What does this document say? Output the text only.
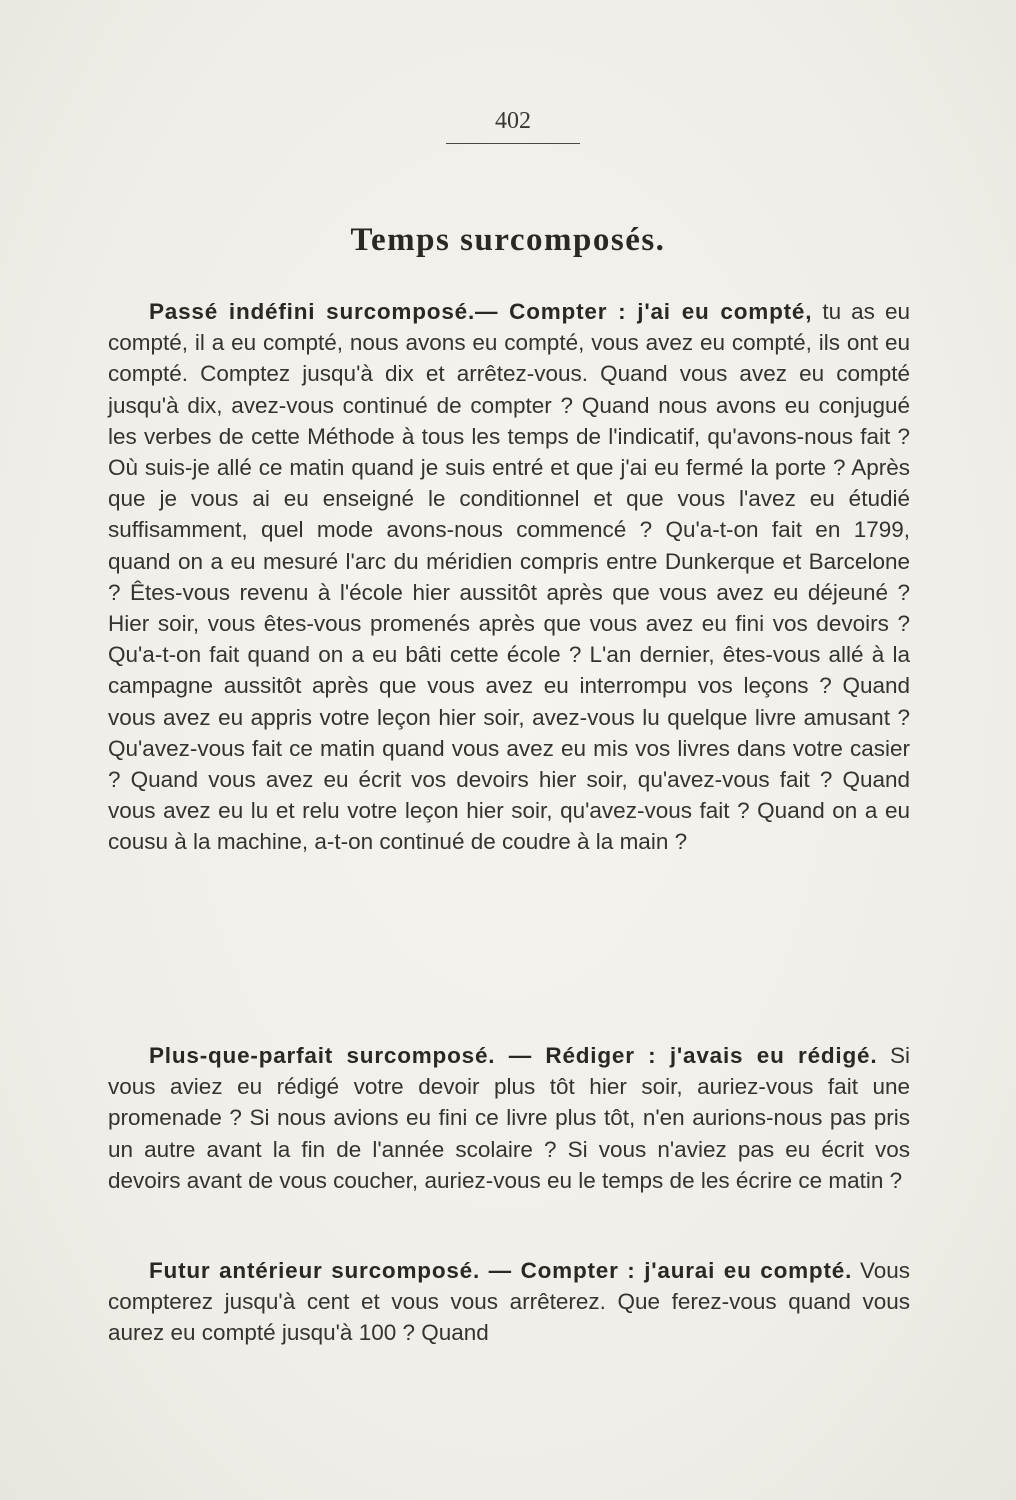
402
Temps surcomposés.

Passé indéfini surcomposé.— Compter : j'ai eu compté, tu as eu compté, il a eu compté, nous avons eu compté, vous avez eu compté, ils ont eu compté. Comptez jusqu'à dix et arrêtez-vous. Quand vous avez eu compté jusqu'à dix, avez-vous continué de compter ? Quand nous avons eu conjugué les verbes de cette Méthode à tous les temps de l'indicatif, qu'avons-nous fait ? Où suis-je allé ce matin quand je suis entré et que j'ai eu fermé la porte ? Après que je vous ai eu enseigné le conditionnel et que vous l'avez eu étudié suffisamment, quel mode avons-nous commencé ? Qu'a-t-on fait en 1799, quand on a eu mesuré l'arc du méridien compris entre Dunkerque et Barcelone ? Êtes-vous revenu à l'école hier aussitôt après que vous avez eu déjeuné ? Hier soir, vous êtes-vous promenés après que vous avez eu fini vos devoirs ? Qu'a-t-on fait quand on a eu bâti cette école ? L'an dernier, êtes-vous allé à la campagne aussitôt après que vous avez eu interrompu vos leçons ? Quand vous avez eu appris votre leçon hier soir, avez-vous lu quelque livre amusant ? Qu'avez-vous fait ce matin quand vous avez eu mis vos livres dans votre casier ? Quand vous avez eu écrit vos devoirs hier soir, qu'avez-vous fait ? Quand vous avez eu lu et relu votre leçon hier soir, qu'avez-vous fait ? Quand on a eu cousu à la machine, a-t-on continué de coudre à la main ?

Plus-que-parfait surcomposé. — Rédiger : j'avais eu rédigé. Si vous aviez eu rédigé votre devoir plus tôt hier soir, auriez-vous fait une promenade ? Si nous avions eu fini ce livre plus tôt, n'en aurions-nous pas pris un autre avant la fin de l'année scolaire ? Si vous n'aviez pas eu écrit vos devoirs avant de vous coucher, auriez-vous eu le temps de les écrire ce matin ?

Futur antérieur surcomposé. — Compter : j'aurai eu compté. Vous compterez jusqu'à cent et vous vous arrêterez. Que ferez-vous quand vous aurez eu compté jusqu'à 100 ? Quand
